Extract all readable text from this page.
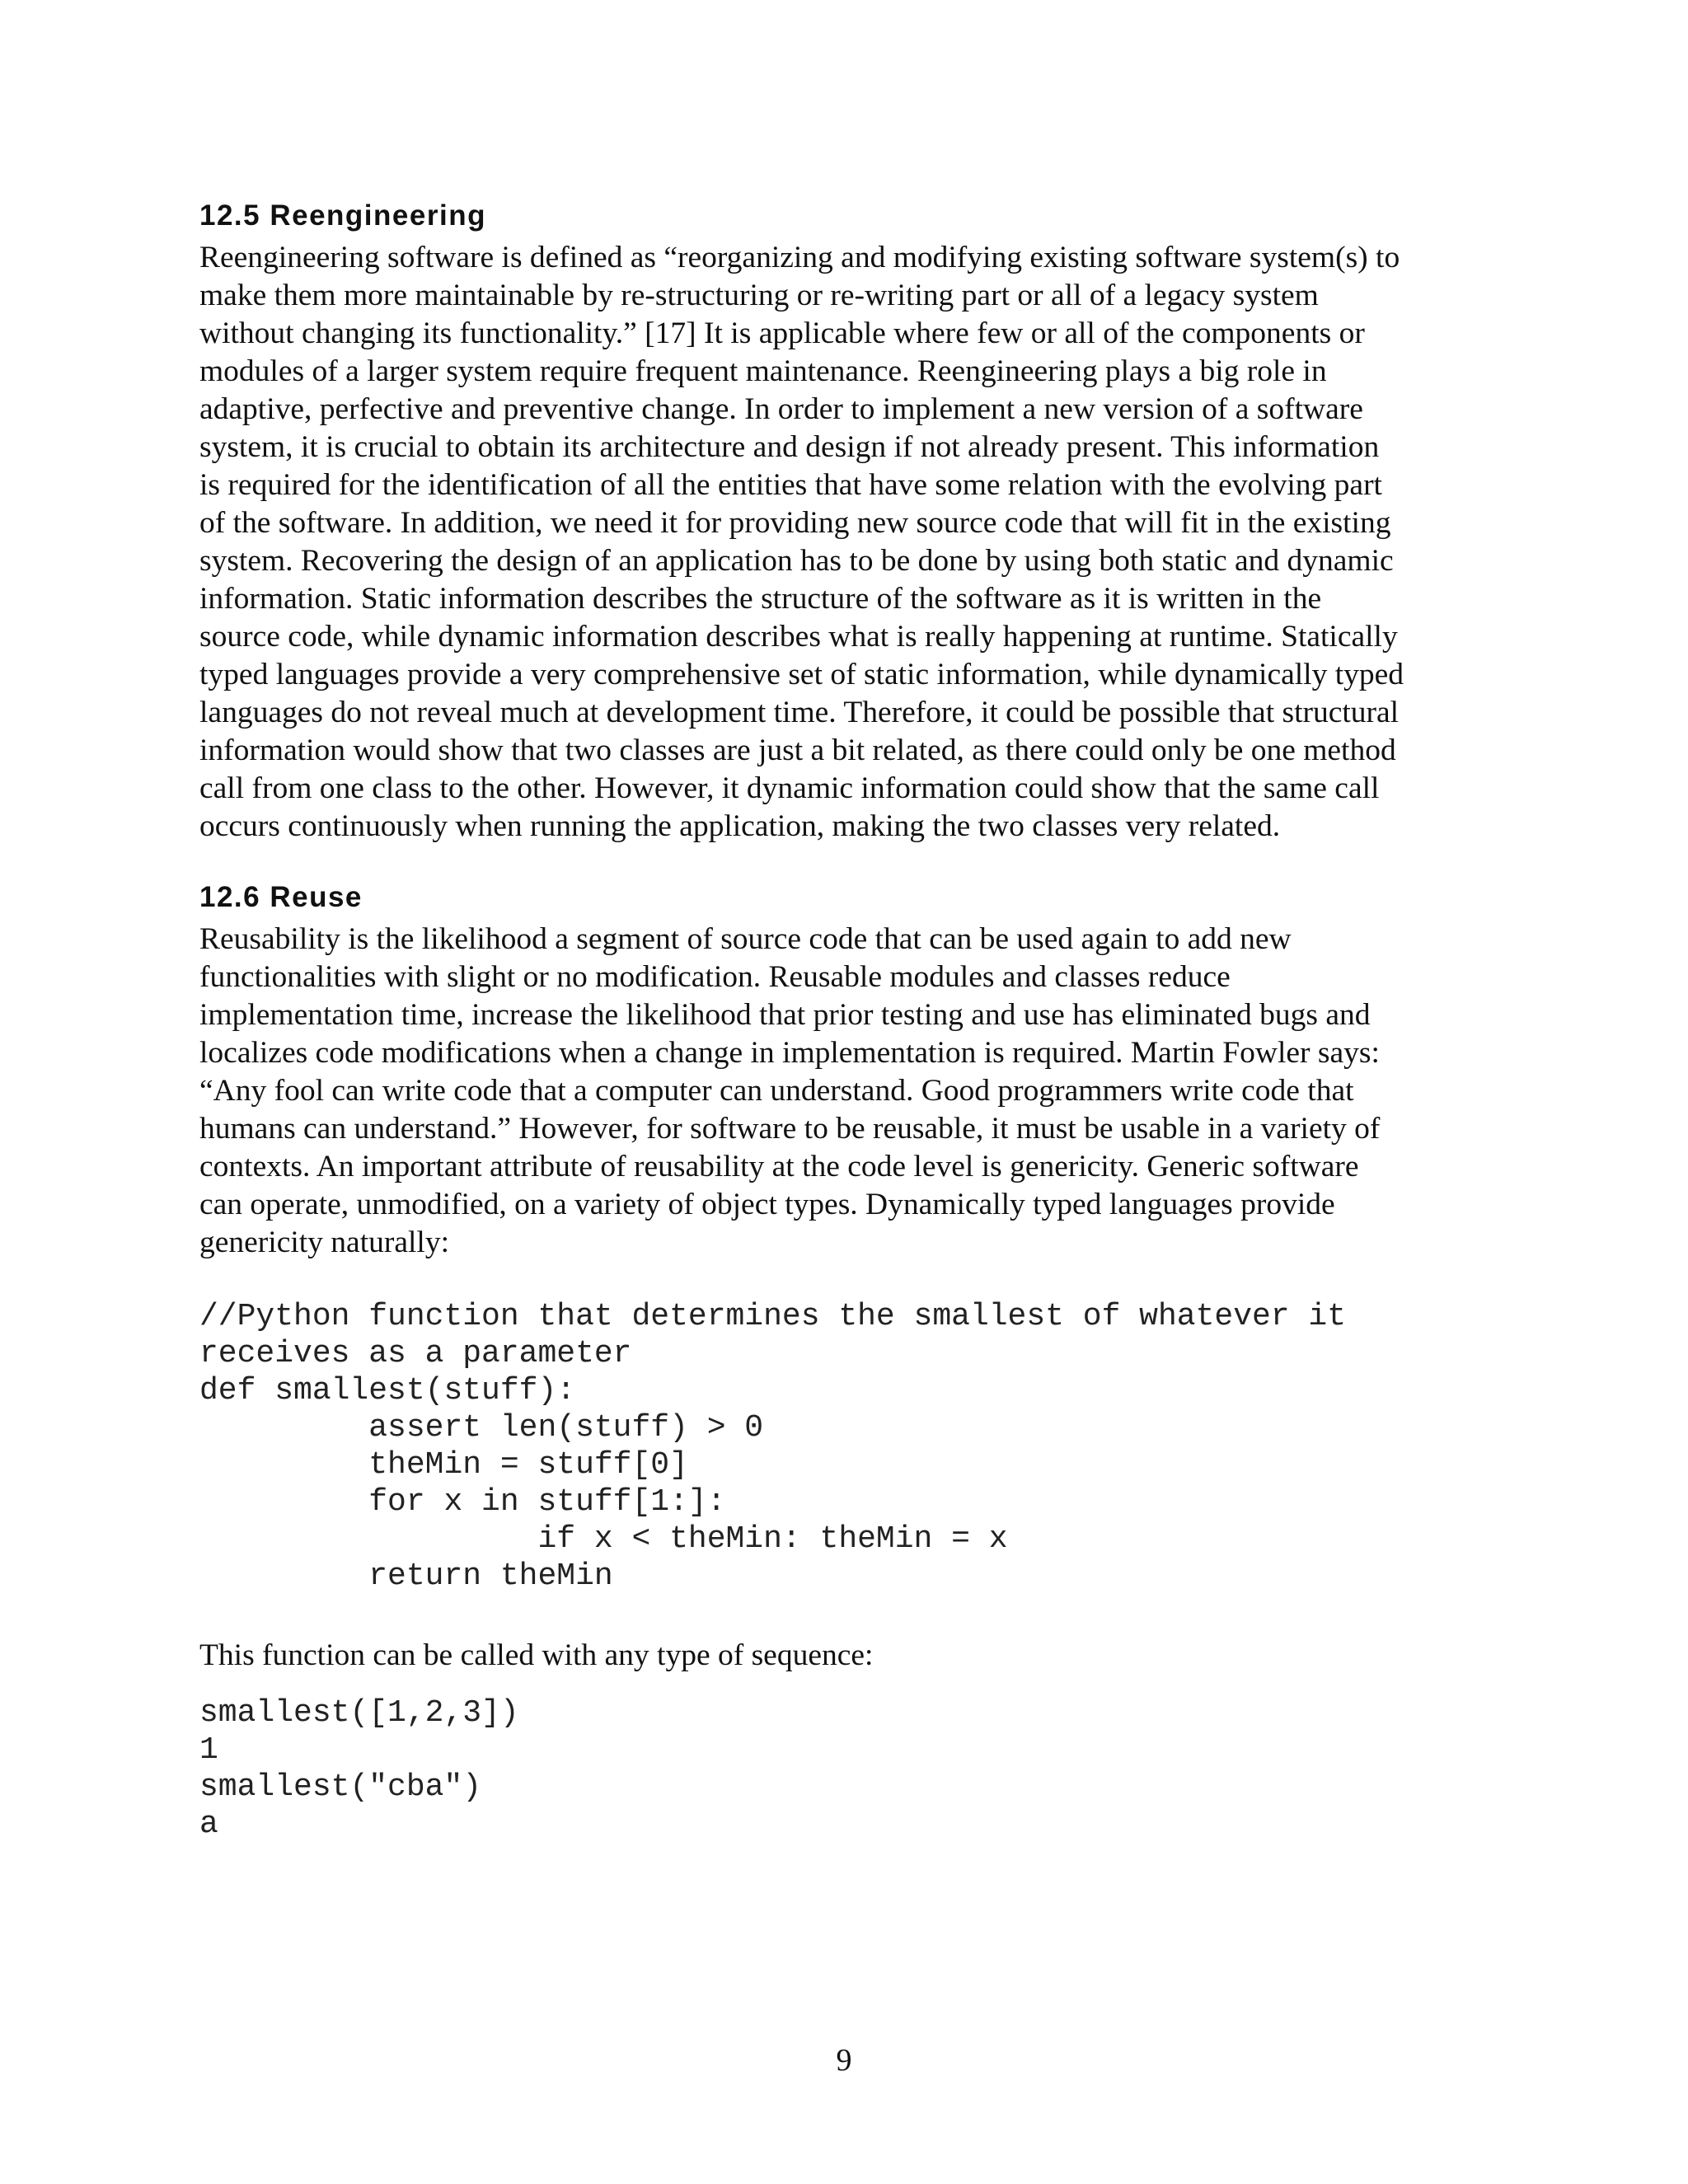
12.5 Reengineering

Reengineering software is defined as “reorganizing and modifying existing software system(s) to
make them more maintainable by re-structuring or re-writing part or all of a legacy system
without changing its functionality.” [17] It is applicable where few or all of the components or
modules of a larger system require frequent maintenance. Reengineering plays a big role in
adaptive, perfective and preventive change. In order to implement a new version of a software
system, it is crucial to obtain its architecture and design if not already present. This information
is required for the identification of all the entities that have some relation with the evolving part
of the software. In addition, we need it for providing new source code that will fit in the existing
system. Recovering the design of an application has to be done by using both static and dynamic
information. Static information describes the structure of the software as it is written in the
source code, while dynamic information describes what is really happening at runtime. Statically
typed languages provide a very comprehensive set of static information, while dynamically typed
languages do not reveal much at development time. Therefore, it could be possible that structural
information would show that two classes are just a bit related, as there could only be one method
call from one class to the other. However, it dynamic information could show that the same call
occurs continuously when running the application, making the two classes very related.

12.6 Reuse

Reusability is the likelihood a segment of source code that can be used again to add new
functionalities with slight or no modification. Reusable modules and classes reduce
implementation time, increase the likelihood that prior testing and use has eliminated bugs and
localizes code modifications when a change in implementation is required. Martin Fowler says:
“Any fool can write code that a computer can understand. Good programmers write code that
humans can understand.” However, for software to be reusable, it must be usable in a variety of
contexts. An important attribute of reusability at the code level is genericity. Generic software
can operate, unmodified, on a variety of object types. Dynamically typed languages provide
genericity naturally:

//Python function that determines the smallest of whatever it
receives as a parameter
def smallest(stuff):
assert len(stuff) > 0
theMin = stuff[0]
for x in stuff[1:]:
if x < theMin: theMin = x
return theMin

This function can be called with any type of sequence:

smallest([1,2,3])
1
smallest("cba")
a
9
